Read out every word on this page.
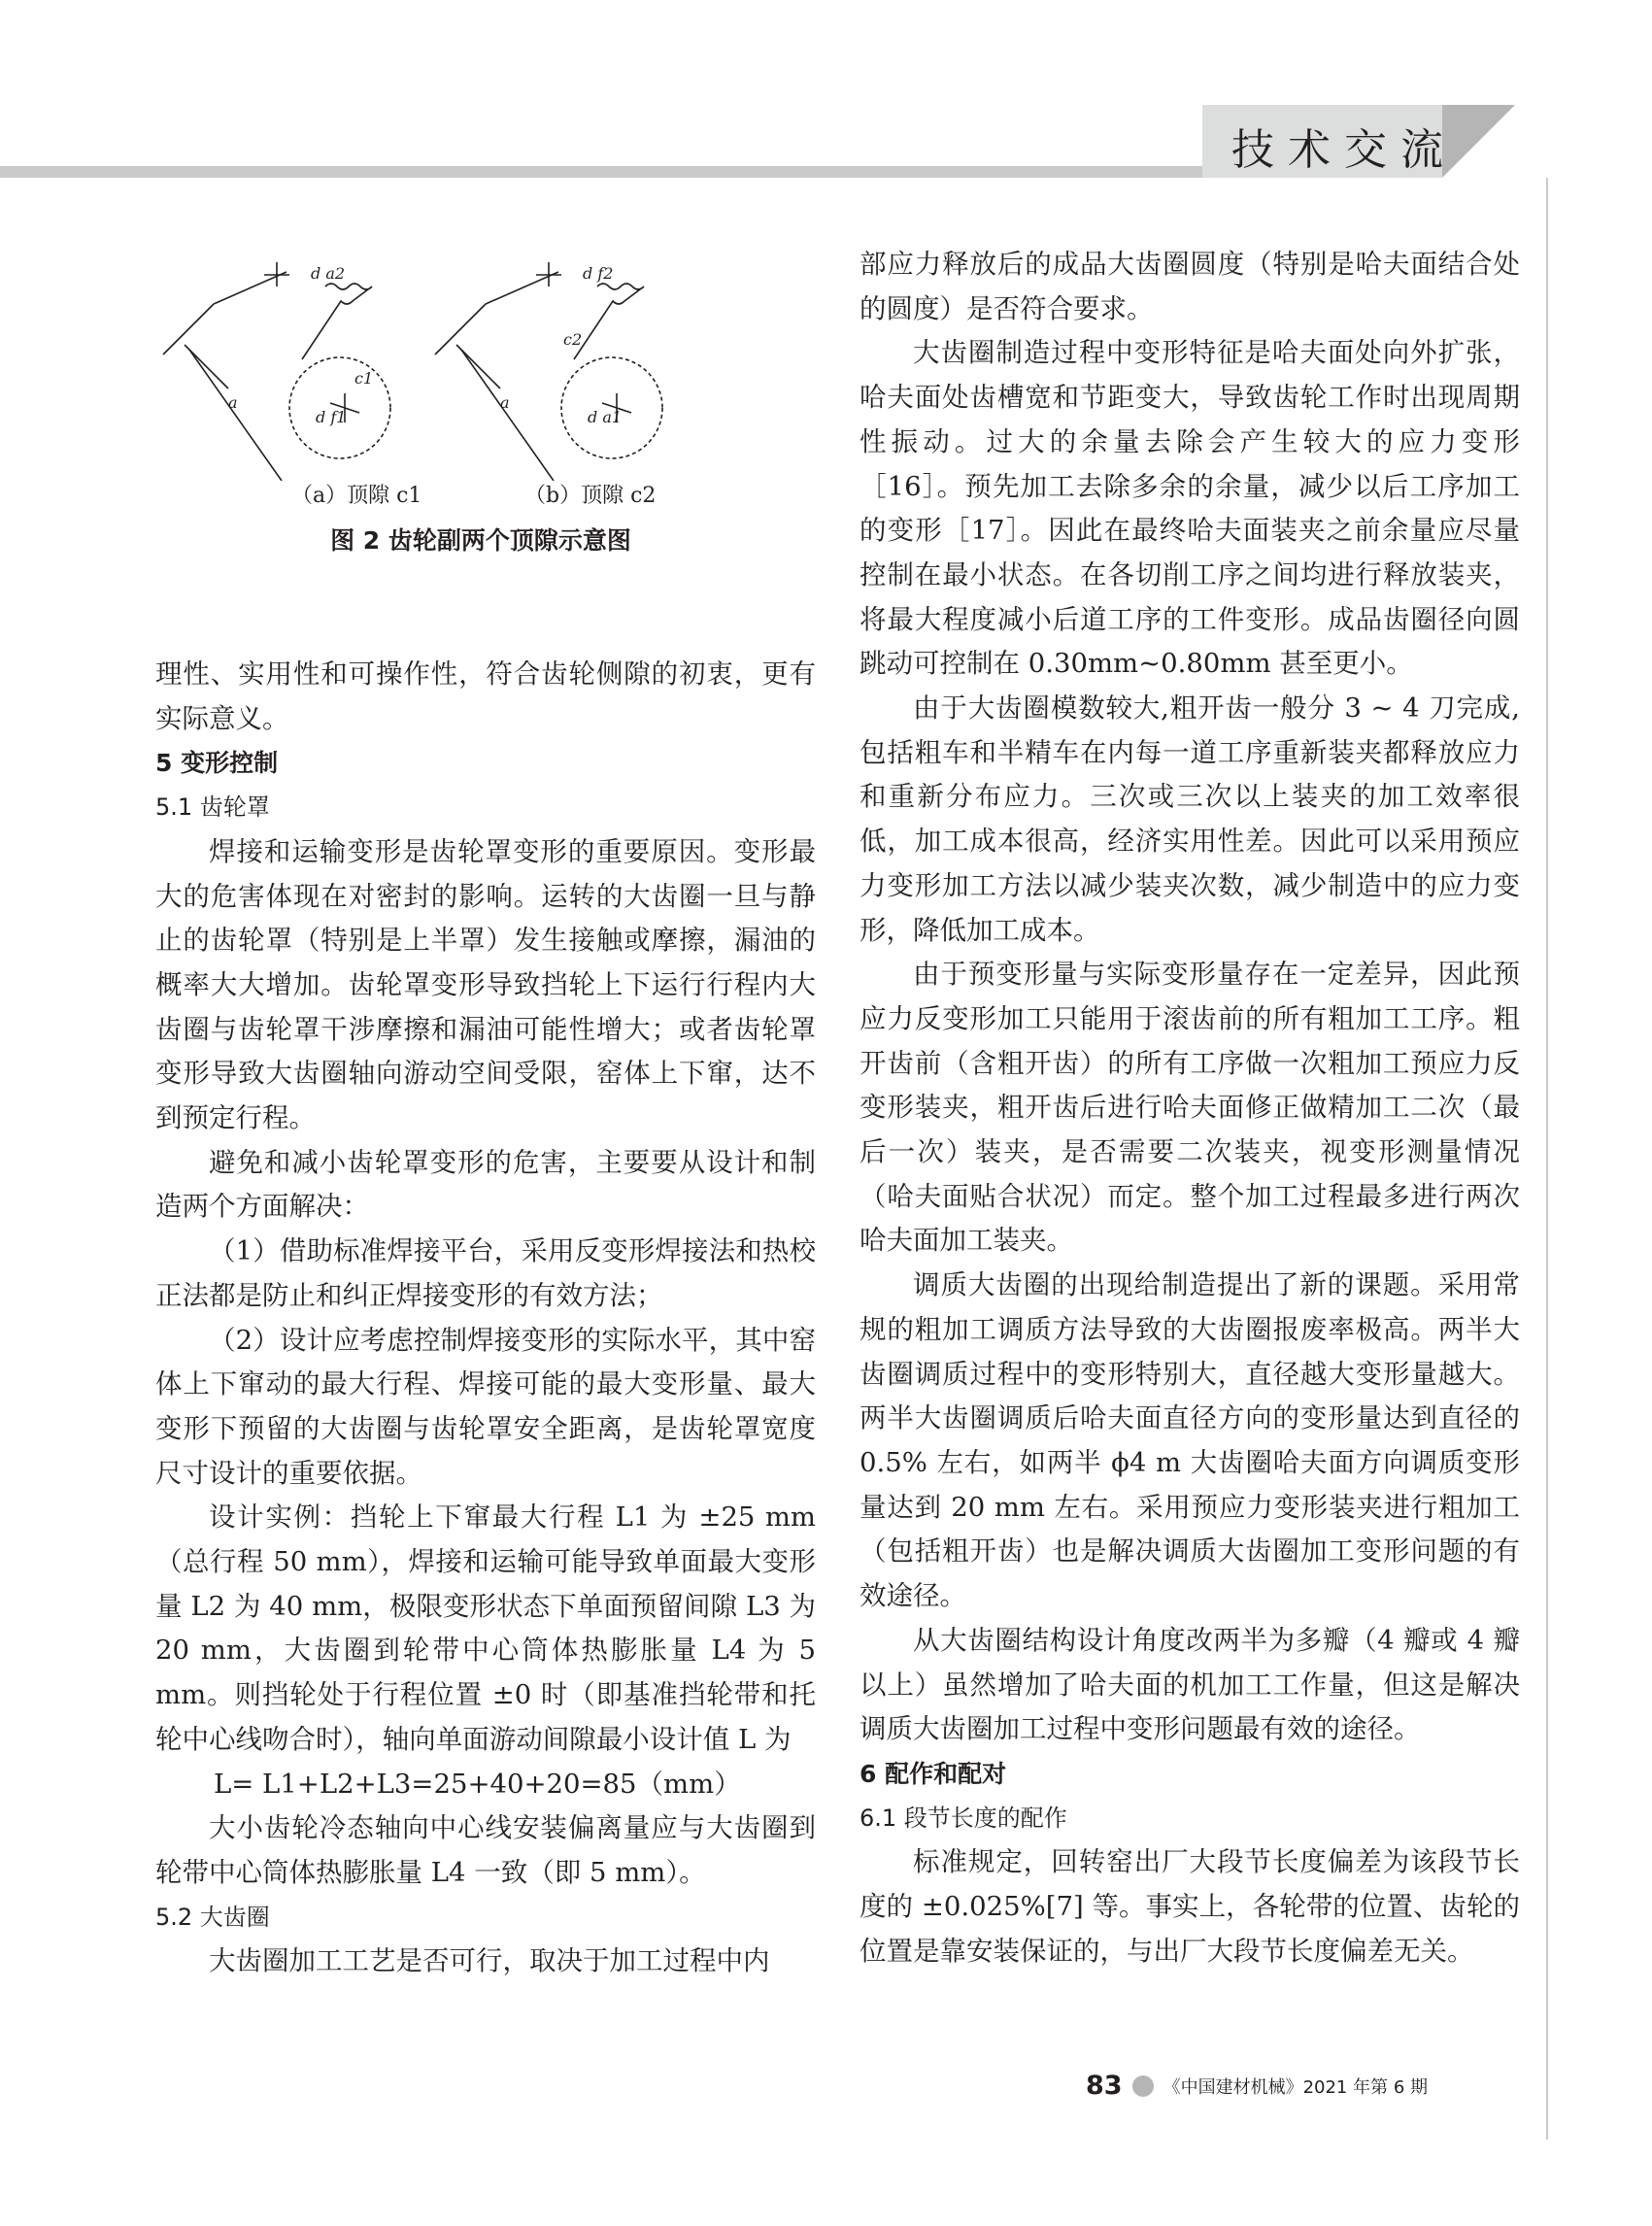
技术交流
a
d a2
d f1
c1
a
d f2
d a1
c2
（a）顶隙 c1	（b）顶隙 c2
图 2 齿轮副两个顶隙示意图

理性、实用性和可操作性，符合齿轮侧隙的初衷，更有实际意义。

5 变形控制
5.1 齿轮罩

焊接和运输变形是齿轮罩变形的重要原因。变形最大的危害体现在对密封的影响。运转的大齿圈一旦与静止的齿轮罩（特别是上半罩）发生接触或摩擦，漏油的概率大大增加。齿轮罩变形导致挡轮上下运行行程内大齿圈与齿轮罩干涉摩擦和漏油可能性增大；或者齿轮罩变形导致大齿圈轴向游动空间受限，窑体上下窜，达不到预定行程。

避免和减小齿轮罩变形的危害，主要要从设计和制造两个方面解决：

（1）借助标准焊接平台，采用反变形焊接法和热校正法都是防止和纠正焊接变形的有效方法；

（2）设计应考虑控制焊接变形的实际水平，其中窑体上下窜动的最大行程、焊接可能的最大变形量、最大变形下预留的大齿圈与齿轮罩安全距离，是齿轮罩宽度尺寸设计的重要依据。

设计实例：挡轮上下窜最大行程 L1 为 ±25 mm（总行程 50 mm），焊接和运输可能导致单面最大变形量 L2 为 40 mm，极限变形状态下单面预留间隙 L3 为 20 mm，大齿圈到轮带中心筒体热膨胀量 L4 为 5 mm。则挡轮处于行程位置 ±0 时（即基准挡轮带和托轮中心线吻合时），轴向单面游动间隙最小设计值 L 为

L= L1+L2+L3=25+40+20=85（mm）

大小齿轮冷态轴向中心线安装偏离量应与大齿圈到轮带中心筒体热膨胀量 L4 一致（即 5 mm）。

5.2 大齿圈

大齿圈加工工艺是否可行，取决于加工过程中内

部应力释放后的成品大齿圈圆度（特别是哈夫面结合处的圆度）是否符合要求。

大齿圈制造过程中变形特征是哈夫面处向外扩张，哈夫面处齿槽宽和节距变大，导致齿轮工作时出现周期性振动。过大的余量去除会产生较大的应力变形［16］。预先加工去除多余的余量，减少以后工序加工的变形［17］。因此在最终哈夫面装夹之前余量应尽量控制在最小状态。在各切削工序之间均进行释放装夹，将最大程度减小后道工序的工件变形。成品齿圈径向圆跳动可控制在 0.30mm~0.80mm 甚至更小。

由于大齿圈模数较大,粗开齿一般分 3 ~ 4 刀完成,包括粗车和半精车在内每一道工序重新装夹都释放应力和重新分布应力。三次或三次以上装夹的加工效率很低，加工成本很高，经济实用性差。因此可以采用预应力变形加工方法以减少装夹次数，减少制造中的应力变形，降低加工成本。

由于预变形量与实际变形量存在一定差异，因此预应力反变形加工只能用于滚齿前的所有粗加工工序。粗开齿前（含粗开齿）的所有工序做一次粗加工预应力反变形装夹，粗开齿后进行哈夫面修正做精加工二次（最后一次）装夹，是否需要二次装夹，视变形测量情况（哈夫面贴合状况）而定。整个加工过程最多进行两次哈夫面加工装夹。

调质大齿圈的出现给制造提出了新的课题。采用常规的粗加工调质方法导致的大齿圈报废率极高。两半大齿圈调质过程中的变形特别大，直径越大变形量越大。两半大齿圈调质后哈夫面直径方向的变形量达到直径的 0.5% 左右，如两半 ϕ4 m 大齿圈哈夫面方向调质变形量达到 20 mm 左右。采用预应力变形装夹进行粗加工（包括粗开齿）也是解决调质大齿圈加工变形问题的有效途径。

从大齿圈结构设计角度改两半为多瓣（4 瓣或 4 瓣以上）虽然增加了哈夫面的机加工工作量，但这是解决调质大齿圈加工过程中变形问题最有效的途径。

6 配作和配对
6.1 段节长度的配作

标准规定，回转窑出厂大段节长度偏差为该段节长度的 ±0.025%[7] 等。事实上，各轮带的位置、齿轮的位置是靠安装保证的，与出厂大段节长度偏差无关。

83 《中国建材机械》2021 年第 6 期
